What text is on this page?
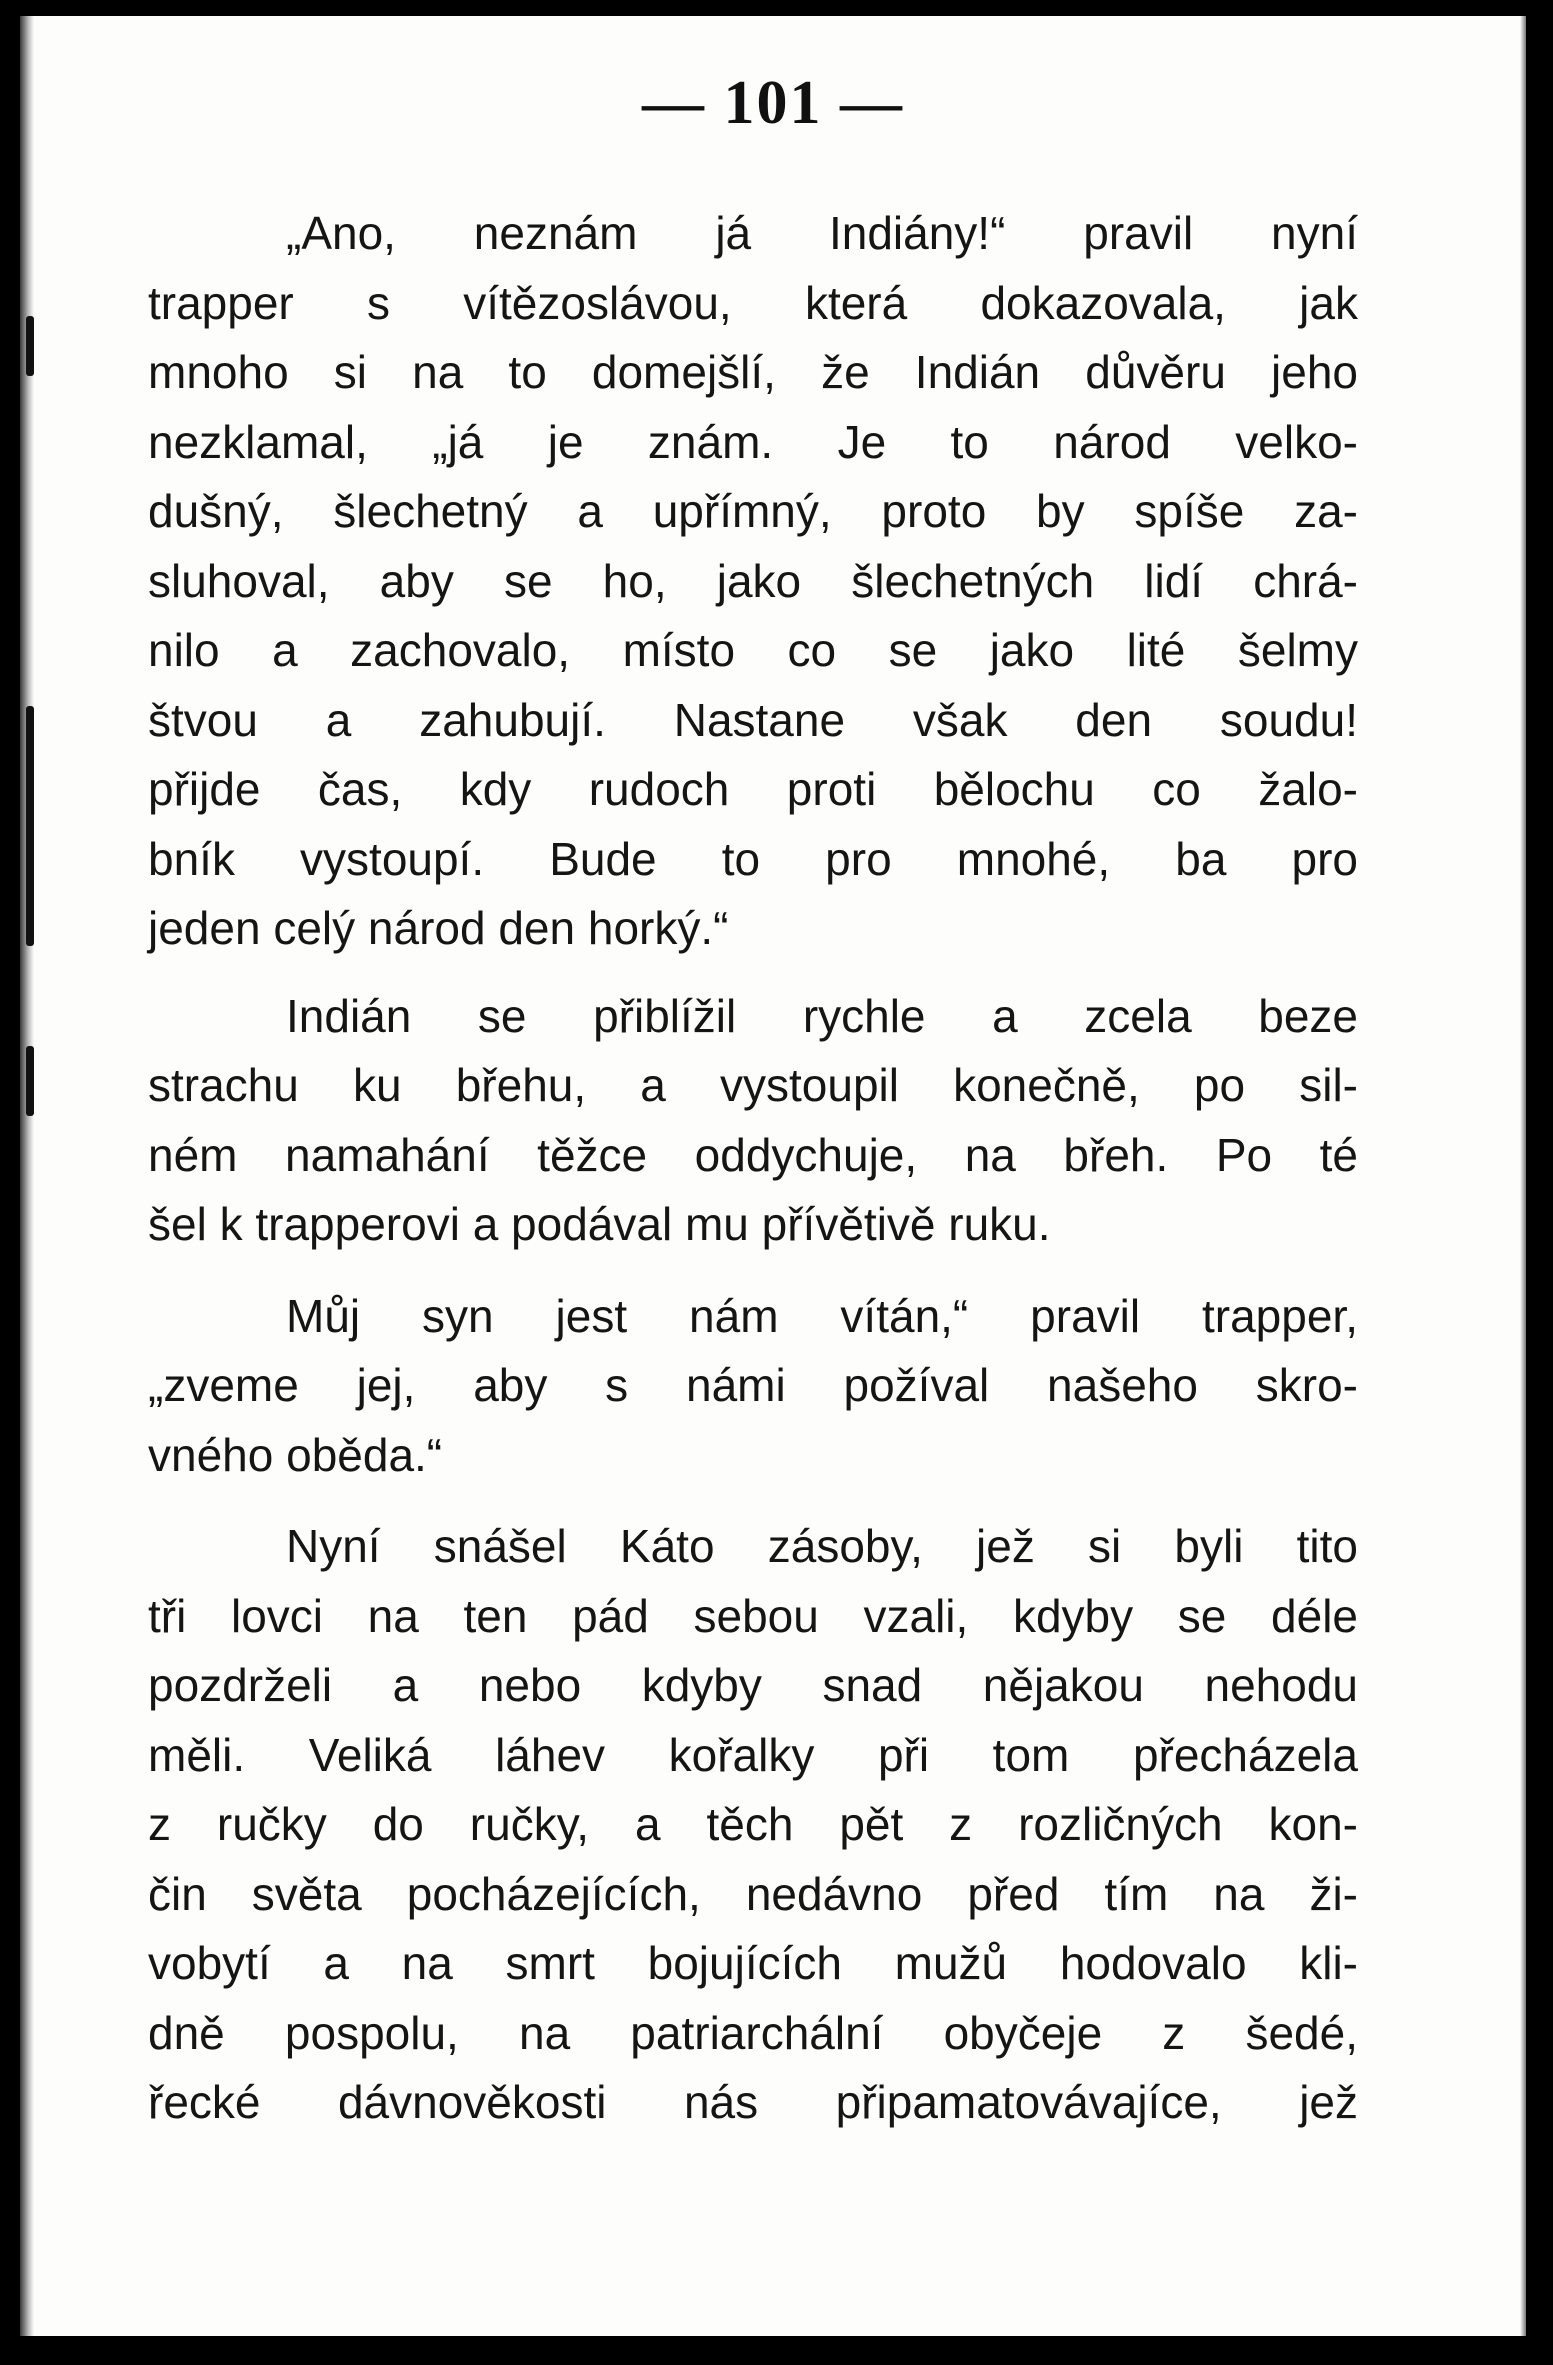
— 101 —
„Ano, neznám já Indiány!“ pravil nyní
trapper s vítězoslávou, která dokazovala, jak
mnoho si na to domejšlí, že Indián důvěru jeho
nezklamal, „já je znám. Je to národ velko-
dušný, šlechetný a upřímný, proto by spíše za-
sluhoval, aby se ho, jako šlechetných lidí chrá-
nilo a zachovalo, místo co se jako lité šelmy
štvou a zahubují. Nastane však den soudu!
přijde čas, kdy rudoch proti bělochu co žalo-
bník vystoupí. Bude to pro mnohé, ba pro
jeden celý národ den horký.“
Indián se přiblížil rychle a zcela beze
strachu ku břehu, a vystoupil konečně, po sil-
ném namahání těžce oddychuje, na břeh. Po té
šel k trapperovi a podával mu přívětivě ruku.
Můj syn jest nám vítán,“ pravil trapper,
„zveme jej, aby s námi požíval našeho skro-
vného oběda.“
Nyní snášel Káto zásoby, jež si byli tito
tři lovci na ten pád sebou vzali, kdyby se déle
pozdrželi a nebo kdyby snad nějakou nehodu
měli. Veliká láhev kořalky při tom přecházela
z ručky do ručky, a těch pět z rozličných kon-
čin světa pocházejících, nedávno před tím na ži-
vobytí a na smrt bojujících mužů hodovalo kli-
dně pospolu, na patriarchální obyčeje z šedé,
řecké dávnověkosti nás připamatovávajíce, jež
